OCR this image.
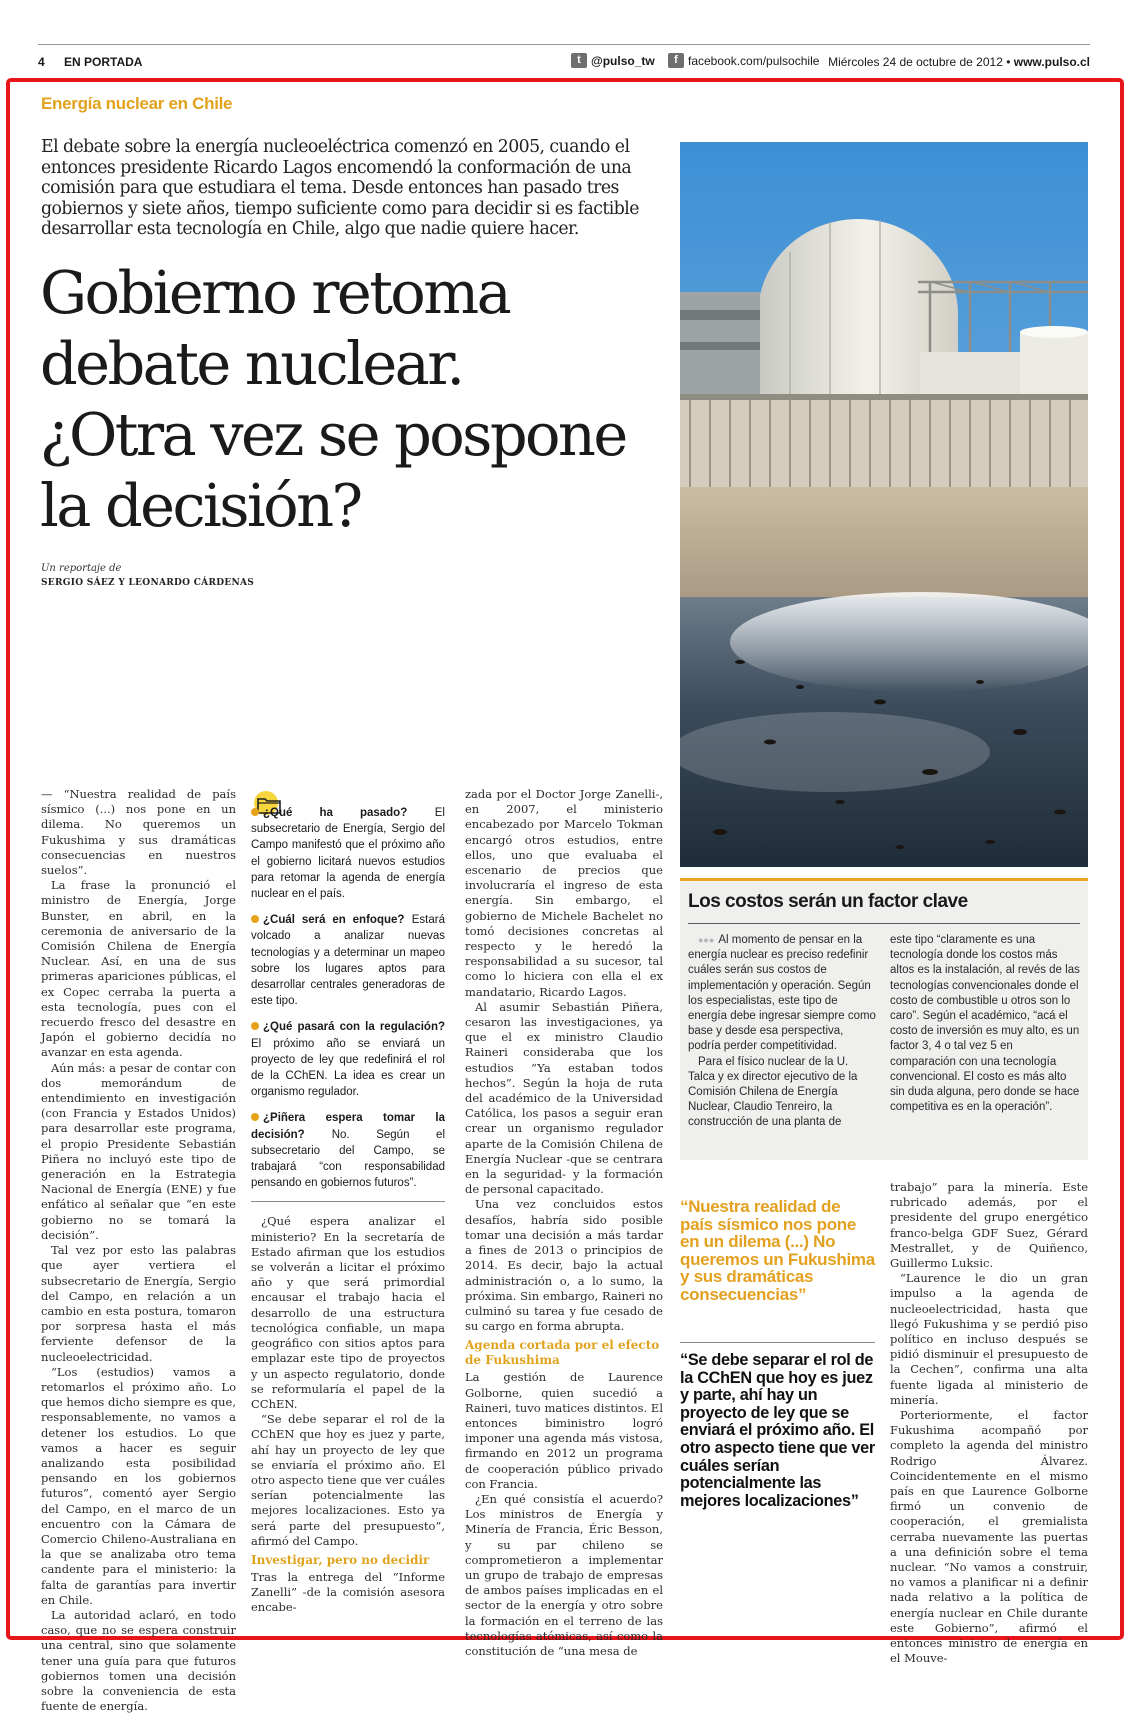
4 EN PORTADA	t @pulso_tw	f facebook.com/pulsochile Miércoles 24 de octubre de 2012 • www.pulso.cl
Energía nuclear en Chile

El debate sobre la energía nucleoeléctrica comenzó en 2005, cuando el entonces presidente Ricardo Lagos encomendó la conformación de una comisión para que estudiara el tema. Desde entonces han pasado tres gobiernos y siete años, tiempo suficiente como para decidir si es factible desarrollar esta tecnología en Chile, algo que nadie quiere hacer.

Gobierno retoma
debate nuclear.
¿Otra vez se pospone
la decisión?
Un reportaje de
SERGIO SÁEZ Y LEONARDO CÁRDENAS

— “Nuestra realidad de país sísmico (...) nos pone en un dilema. No queremos un Fukushima y sus dramáticas consecuencias en nuestros suelos”.

La frase la pronunció el ministro de Energía, Jorge Bunster, en abril, en la ceremonia de aniversario de la Comisión Chilena de Energía Nuclear. Así, en una de sus primeras apariciones públicas, el ex Copec cerraba la puerta a esta tecnología, pues con el recuerdo fresco del desastre en Japón el gobierno decidía no avanzar en esta agenda.

Aún más: a pesar de contar con dos memorándum de entendimiento en investigación (con Francia y Estados Unidos) para desarrollar este programa, el propio Presidente Sebastián Piñera no incluyó este tipo de generación en la Estrategia Nacional de Energía (ENE) y fue enfático al señalar que “en este gobierno no se tomará la decisión”.

Tal vez por esto las palabras que ayer vertiera el subsecretario de Energía, Sergio del Campo, en relación a un cambio en esta postura, tomaron por sorpresa hasta el más ferviente defensor de la nucleoelectricidad.

“Los (estudios) vamos a retomarlos el próximo año. Lo que hemos dicho siempre es que, responsablemente, no vamos a detener los estudios. Lo que vamos a hacer es seguir analizando esta posibilidad pensando en los gobiernos futuros”, comentó ayer Sergio del Campo, en el marco de un encuentro con la Cámara de Comercio Chileno-Australiana en la que se analizaba otro tema candente para el ministerio: la falta de garantías para invertir en Chile.

La autoridad aclaró, en todo caso, que no se espera construir una central, sino que solamente tener una guía para que futuros gobiernos tomen una decisión sobre la conveniencia de esta fuente de energía.

¿Qué ha pasado? El subsecretario de Energía, Sergio del Campo manifestó que el próximo año el gobierno licitará nuevos estudios para retomar la agenda de energía nuclear en el país.
¿Cuál será en enfoque? Estará volcado a analizar nuevas tecnologías y a determinar un mapeo sobre los lugares aptos para desarrollar centrales generadoras de este tipo.
¿Qué pasará con la regulación? El próximo año se enviará un proyecto de ley que redefinirá el rol de la CChEN. La idea es crear un organismo regulador.
¿Piñera espera tomar la decisión? No. Según el subsecretario del Campo, se trabajará “con responsabilidad pensando en gobiernos futuros”.

¿Qué espera analizar el ministerio? En la secretaría de Estado afirman que los estudios se volverán a licitar el próximo año y que será primordial encausar el trabajo hacia el desarrollo de una estructura tecnológica confiable, un mapa geográfico con sitios aptos para emplazar este tipo de proyectos y un aspecto regulatorio, donde se reformularía el papel de la CChEN.

“Se debe separar el rol de la CChEN que hoy es juez y parte, ahí hay un proyecto de ley que se enviaría el próximo año. El otro aspecto tiene que ver cuáles serían potencialmente las mejores localizaciones. Esto ya será parte del presupuesto”, afirmó del Campo.

Investigar, pero no decidir

Tras la entrega del “Informe Zanelli” -de la comisión asesora encabe-

zada por el Doctor Jorge Zanelli-, en 2007, el ministerio encabezado por Marcelo Tokman encargó otros estudios, entre ellos, uno que evaluaba el escenario de precios que involucraría el ingreso de esta energía. Sin embargo, el gobierno de Michele Bachelet no tomó decisiones concretas al respecto y le heredó la responsabilidad a su sucesor, tal como lo hiciera con ella el ex mandatario, Ricardo Lagos.

Al asumir Sebastián Piñera, cesaron las investigaciones, ya que el ex ministro Claudio Raineri consideraba que los estudios “Ya estaban todos hechos”. Según la hoja de ruta del académico de la Universidad Católica, los pasos a seguir eran crear un organismo regulador aparte de la Comisión Chilena de Energía Nuclear -que se centrara en la seguridad- y la formación de personal capacitado.

Una vez concluidos estos desafíos, habría sido posible tomar una decisión a más tardar a fines de 2013 o principios de 2014. Es decir, bajo la actual administración o, a lo sumo, la próxima. Sin embargo, Raineri no culminó su tarea y fue cesado de su cargo en forma abrupta.

Agenda cortada por el efecto de Fukushima

La gestión de Laurence Golborne, quien sucedió a Raineri, tuvo matices distintos. El entonces biministro logró imponer una agenda más vistosa, firmando en 2012 un programa de cooperación público privado con Francia.

¿En qué consistía el acuerdo? Los ministros de Energía y Minería de Francia, Éric Besson, y su par chileno se comprometieron a implementar un grupo de trabajo de empresas de ambos países implicadas en el sector de la energía y otro sobre la formación en el terreno de las tecnologías atómicas, así como la constitución de “una mesa de

Los costos serán un factor clave

●●● Al momento de pensar en la energía nuclear es preciso redefinir cuáles serán sus costos de implementación y operación. Según los especialistas, este tipo de energía debe ingresar siempre como base y desde esa perspectiva, podría perder competitividad.

Para el físico nuclear de la U. Talca y ex director ejecutivo de la Comisión Chilena de Energía Nuclear, Claudio Tenreiro, la construcción de una planta de

este tipo “claramente es una tecnología donde los costos más altos es la instalación, al revés de las tecnologías convencionales donde el costo de combustible u otros son lo caro”. Según el académico, “acá el costo de inversión es muy alto, es un factor 3, 4 o tal vez 5 en comparación con una tecnología convencional. El costo es más alto sin duda alguna, pero donde se hace competitiva es en la operación”.

“Nuestra realidad de país sísmico nos pone en un dilema (...) No queremos un Fukushima y sus dramáticas consecuencias”
“Se debe separar el rol de la CChEN que hoy es juez y parte, ahí hay un proyecto de ley que se enviará el próximo año. El otro aspecto tiene que ver cuáles serían potencialmente las mejores localizaciones”

trabajo” para la minería. Este rubricado además, por el presidente del grupo energético franco-belga GDF Suez, Gérard Mestrallet, y de Quiñenco, Guillermo Luksic.

“Laurence le dio un gran impulso a la agenda de nucleoelectricidad, hasta que llegó Fukushima y se perdió piso político en incluso después se pidió disminuir el presupuesto de la Cechen”, confirma una alta fuente ligada al ministerio de minería.

Porteriormente, el factor Fukushima acompañó por completo la agenda del ministro Rodrigo Álvarez. Coincidentemente en el mismo país en que Laurence Golborne firmó un convenio de cooperación, el gremialista cerraba nuevamente las puertas a una definición sobre el tema nuclear. “No vamos a construir, no vamos a planificar ni a definir nada relativo a la política de energía nuclear en Chile durante este Gobierno”, afirmó el entonces ministro de energía en el Mouve-
